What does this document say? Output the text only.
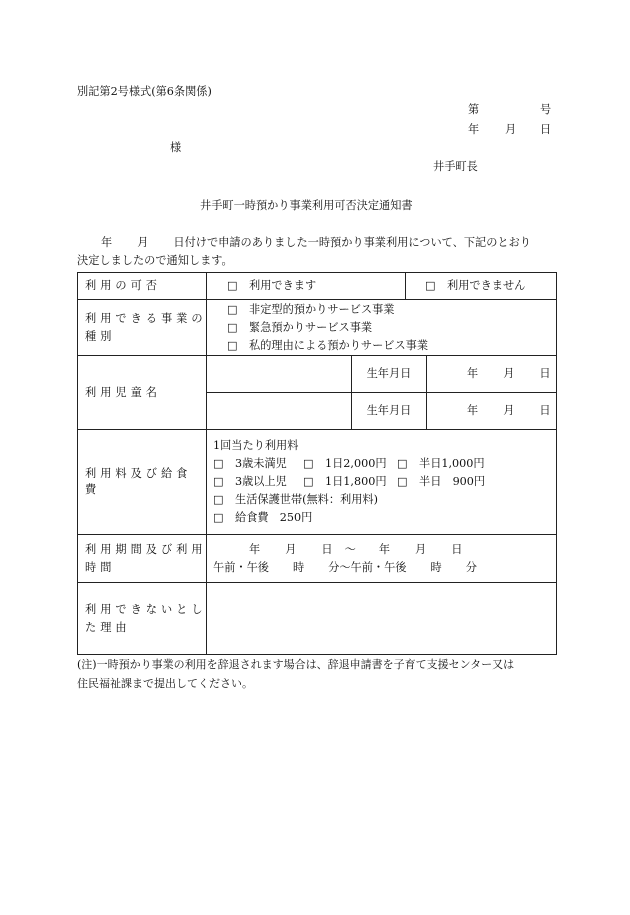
別記第2号様式(第6条関係)
第	号
年 月 日
様
井手町長
井手町一時預かり事業利用可否決定通知書
年 月 日付けで申請のありました一時預かり事業利用について、下記のとおり
決定しましたので通知します。
利用の可否	□ 利用できます □ 利用できません		

利用できる事業の
種別	□ 非定型的預かりサービス事業
□ 緊急預かりサービス事業
□ 私的理由による預かりサービス事業		

利用児童名		生年月日	年 月 日
		生年月日	年 月 日
利用料及び給食費	1回当たり利用料
□ 3歳未満児 □ 1日2,000円 □ 半日1,000円
□ 3歳以上児 □ 1日1,800円 □ 半日　900円
□ 生活保護世帯(無料：利用料)
□ 給食費　250円		

利用期間及び利用
時間	年 月 日 ～ 年 月 日
午前・午後 時 分～午前・午後 時 分		

利用できないとし
た理由			

(注)一時預かり事業の利用を辞退されます場合は、辞退申請書を子育て支援センター又は
住民福祉課まで提出してください。
